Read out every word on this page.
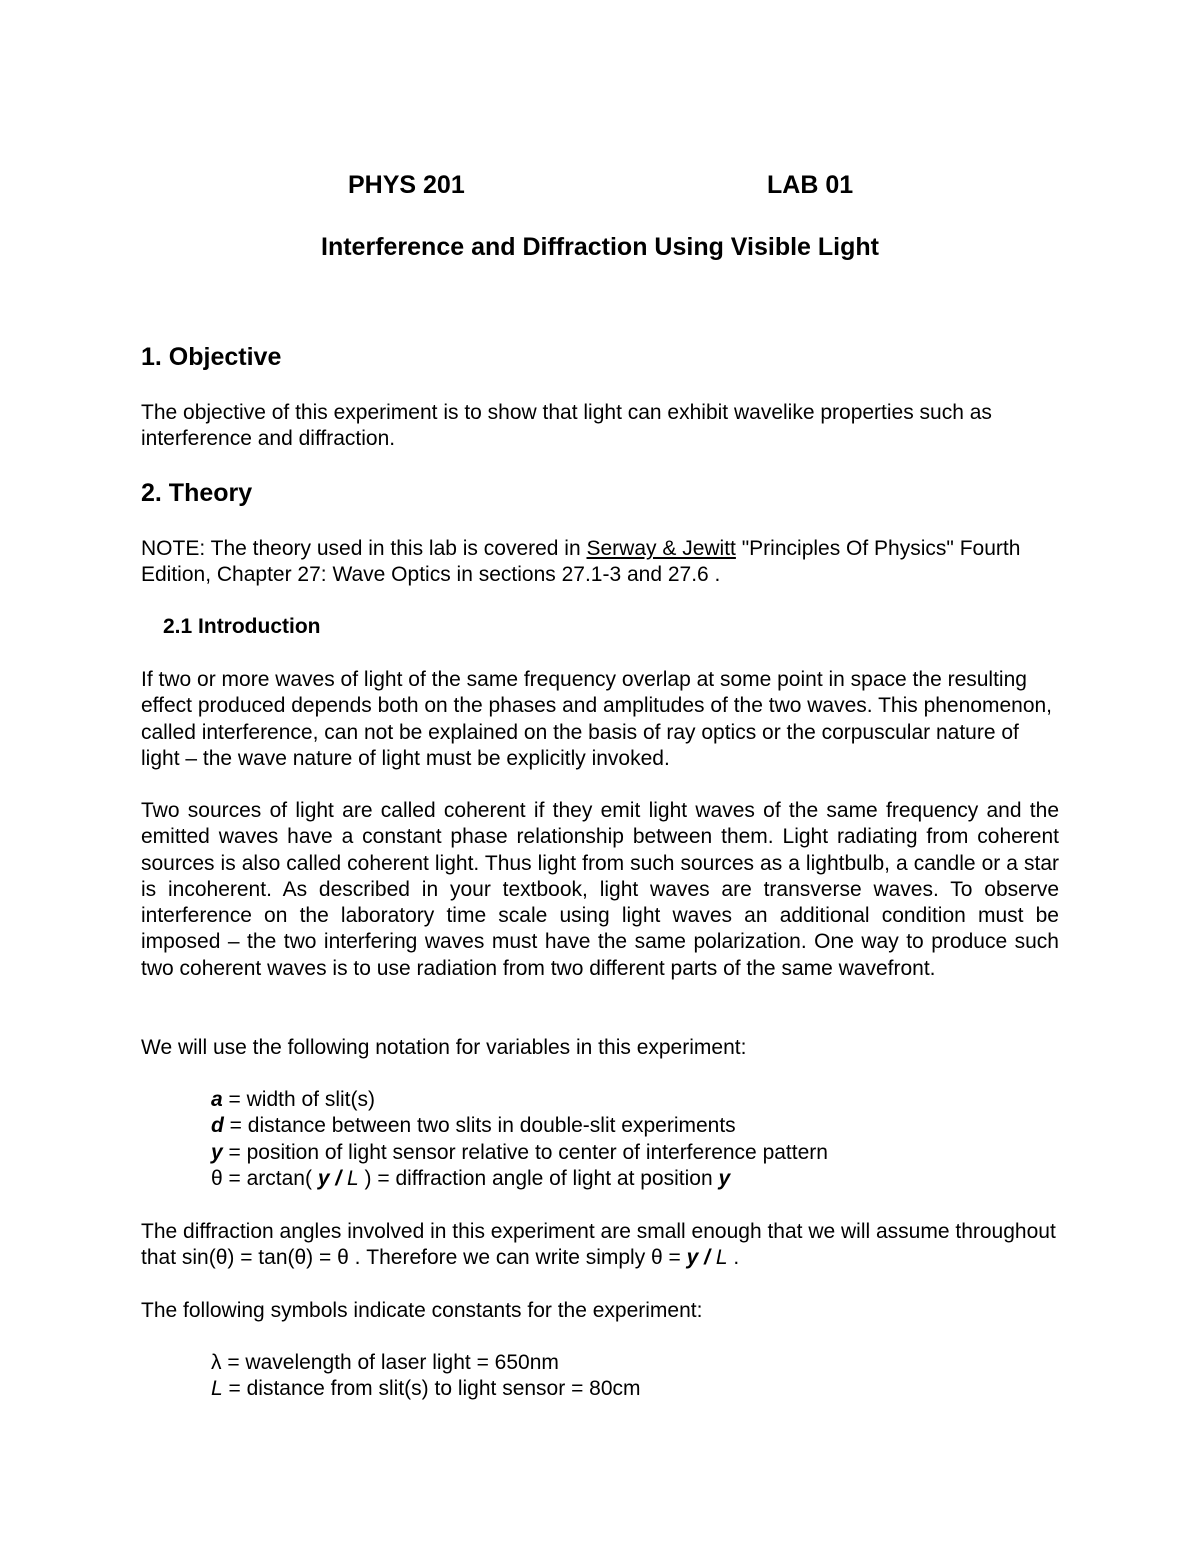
PHYS 201	LAB 01
Interference and Diffraction Using Visible Light
1. Objective

The objective of this experiment is to show that light can exhibit wavelike properties such as interference and diffraction.

2. Theory

NOTE: The theory used in this lab is covered in Serway & Jewitt "Principles Of Physics" Fourth Edition, Chapter 27: Wave Optics in sections 27.1-3 and 27.6 .

2.1 Introduction

If two or more waves of light of the same frequency overlap at some point in space the resulting effect produced depends both on the phases and amplitudes of the two waves. This phenomenon, called interference, can not be explained on the basis of ray optics or the corpuscular nature of light – the wave nature of light must be explicitly invoked.

Two sources of light are called coherent if they emit light waves of the same frequency and the emitted waves have a constant phase relationship between them. Light radiating from coherent sources is also called coherent light. Thus light from such sources as a lightbulb, a candle or a star is incoherent. As described in your textbook, light waves are transverse waves. To observe interference on the laboratory time scale using light waves an additional condition must be imposed – the two interfering waves must have the same polarization. One way to produce such two coherent waves is to use radiation from two different parts of the same wavefront.

We will use the following notation for variables in this experiment:

a = width of slit(s)
d = distance between two slits in double-slit experiments
y = position of light sensor relative to center of interference pattern
θ = arctan( y / L ) = diffraction angle of light at position y

The diffraction angles involved in this experiment are small enough that we will assume throughout that sin(θ) = tan(θ) = θ . Therefore we can write simply θ = y / L .

The following symbols indicate constants for the experiment:

λ = wavelength of laser light = 650nm
L = distance from slit(s) to light sensor = 80cm
